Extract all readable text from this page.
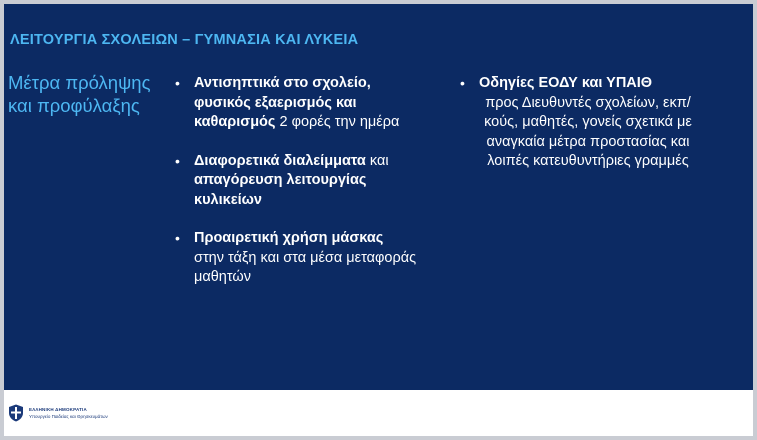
ΛΕΙΤΟΥΡΓΙΑ ΣΧΟΛΕΙΩΝ – ΓΥΜΝΑΣΙΑ ΚΑΙ ΛΥΚΕΙΑ
Μέτρα πρόληψης και προφύλαξης
• Αντισηπτικά στο σχολείο, φυσικός εξαερισμός και καθαρισμός 2 φορές την ημέρα
• Διαφορετικά διαλείμματα και απαγόρευση λειτουργίας κυλικείων
• Προαιρετική χρήση μάσκας στην τάξη και στα μέσα μεταφοράς μαθητών
• Οδηγίες ΕΟΔΥ και ΥΠΑΙΘ
προς Διευθυντές σχολείων, εκπ/κούς, μαθητές, γονείς σχετικά με αναγκαία μέτρα προστασίας και λοιπές κατευθυντήριες γραμμές
ΕΛΛΗΝΙΚΗ ΔΗΜΟΚΡΑΤΙΑ
Υπουργείο Παιδείας και Θρησκευμάτων
